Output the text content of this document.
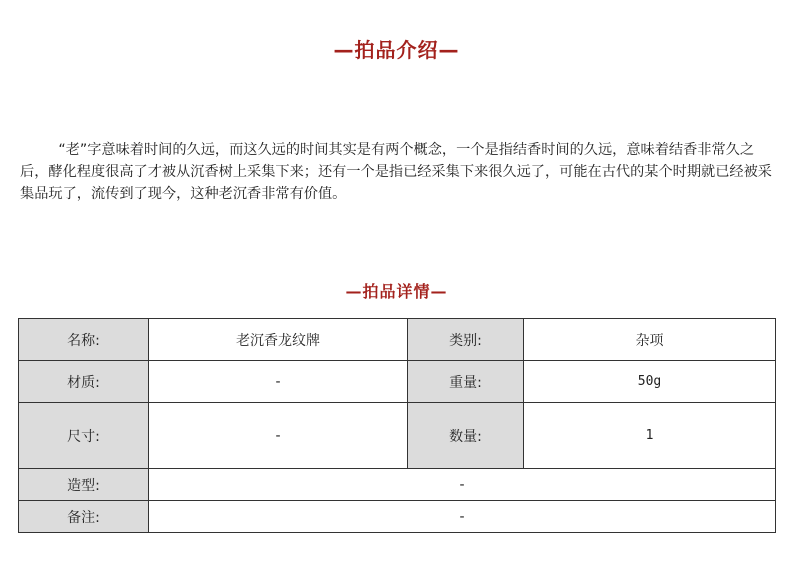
—拍品介绍—

“老”字意味着时间的久远，而这久远的时间其实是有两个概念，一个是指结香时间的久远，意味着结香非常久之后，酵化程度很高了才被从沉香树上采集下来；还有一个是指已经采集下来很久远了，可能在古代的某个时期就已经被采集品玩了，流传到了现今，这种老沉香非常有价值。

—拍品详情—
名称:	老沉香龙纹牌	类别:	杂项
材质:	-	重量:	50g
尺寸:	-	数量:	1
造型:	-		
备注:	-		
